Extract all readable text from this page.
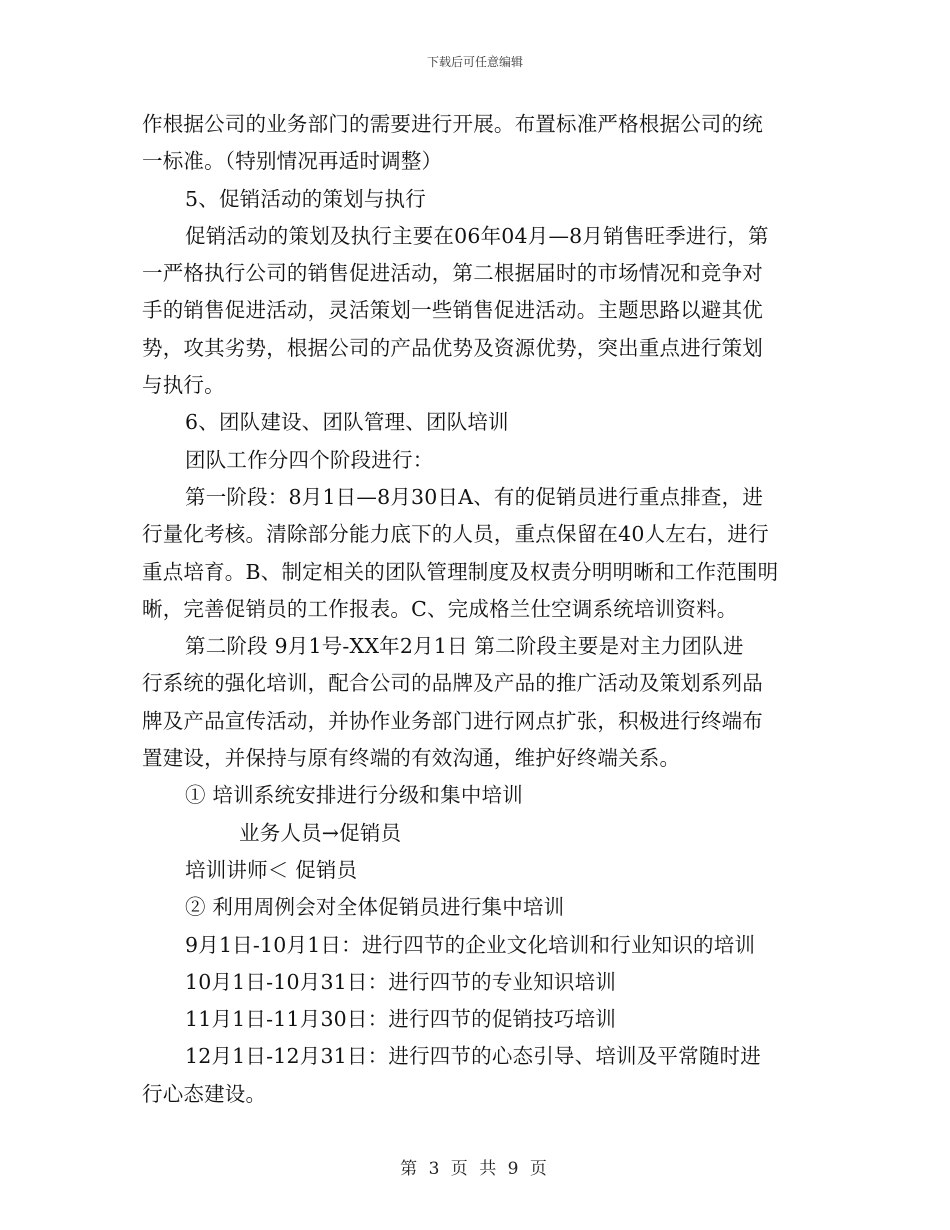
下载后可任意编辑
作根据公司的业务部门的需要进行开展。布置标准严格根据公司的统
一标准。（特别情况再适时调整）
5、促销活动的策划与执行
促销活动的策划及执行主要在06年04月—8月销售旺季进行，第
一严格执行公司的销售促进活动，第二根据届时的市场情况和竞争对
手的销售促进活动，灵活策划一些销售促进活动。主题思路以避其优
势，攻其劣势，根据公司的产品优势及资源优势，突出重点进行策划
与执行。
6、团队建设、团队管理、团队培训
团队工作分四个阶段进行：
第一阶段：8月1日—8月30日A、有的促销员进行重点排查，进
行量化考核。清除部分能力底下的人员，重点保留在40人左右，进行
重点培育。B、制定相关的团队管理制度及权责分明明晰和工作范围明
晰，完善促销员的工作报表。C、完成格兰仕空调系统培训资料。
第二阶段 9月1号-XX年2月1日 第二阶段主要是对主力团队进
行系统的强化培训，配合公司的品牌及产品的推广活动及策划系列品
牌及产品宣传活动，并协作业务部门进行网点扩张，积极进行终端布
置建设，并保持与原有终端的有效沟通，维护好终端关系。
① 培训系统安排进行分级和集中培训
业务人员→促销员
培训讲师＜ 促销员
② 利用周例会对全体促销员进行集中培训
9月1日-10月1日：进行四节的企业文化培训和行业知识的培训
10月1日-10月31日：进行四节的专业知识培训
11月1日-11月30日：进行四节的促销技巧培训
12月1日-12月31日：进行四节的心态引导、培训及平常随时进
行心态建设。
第 3 页 共 9 页
